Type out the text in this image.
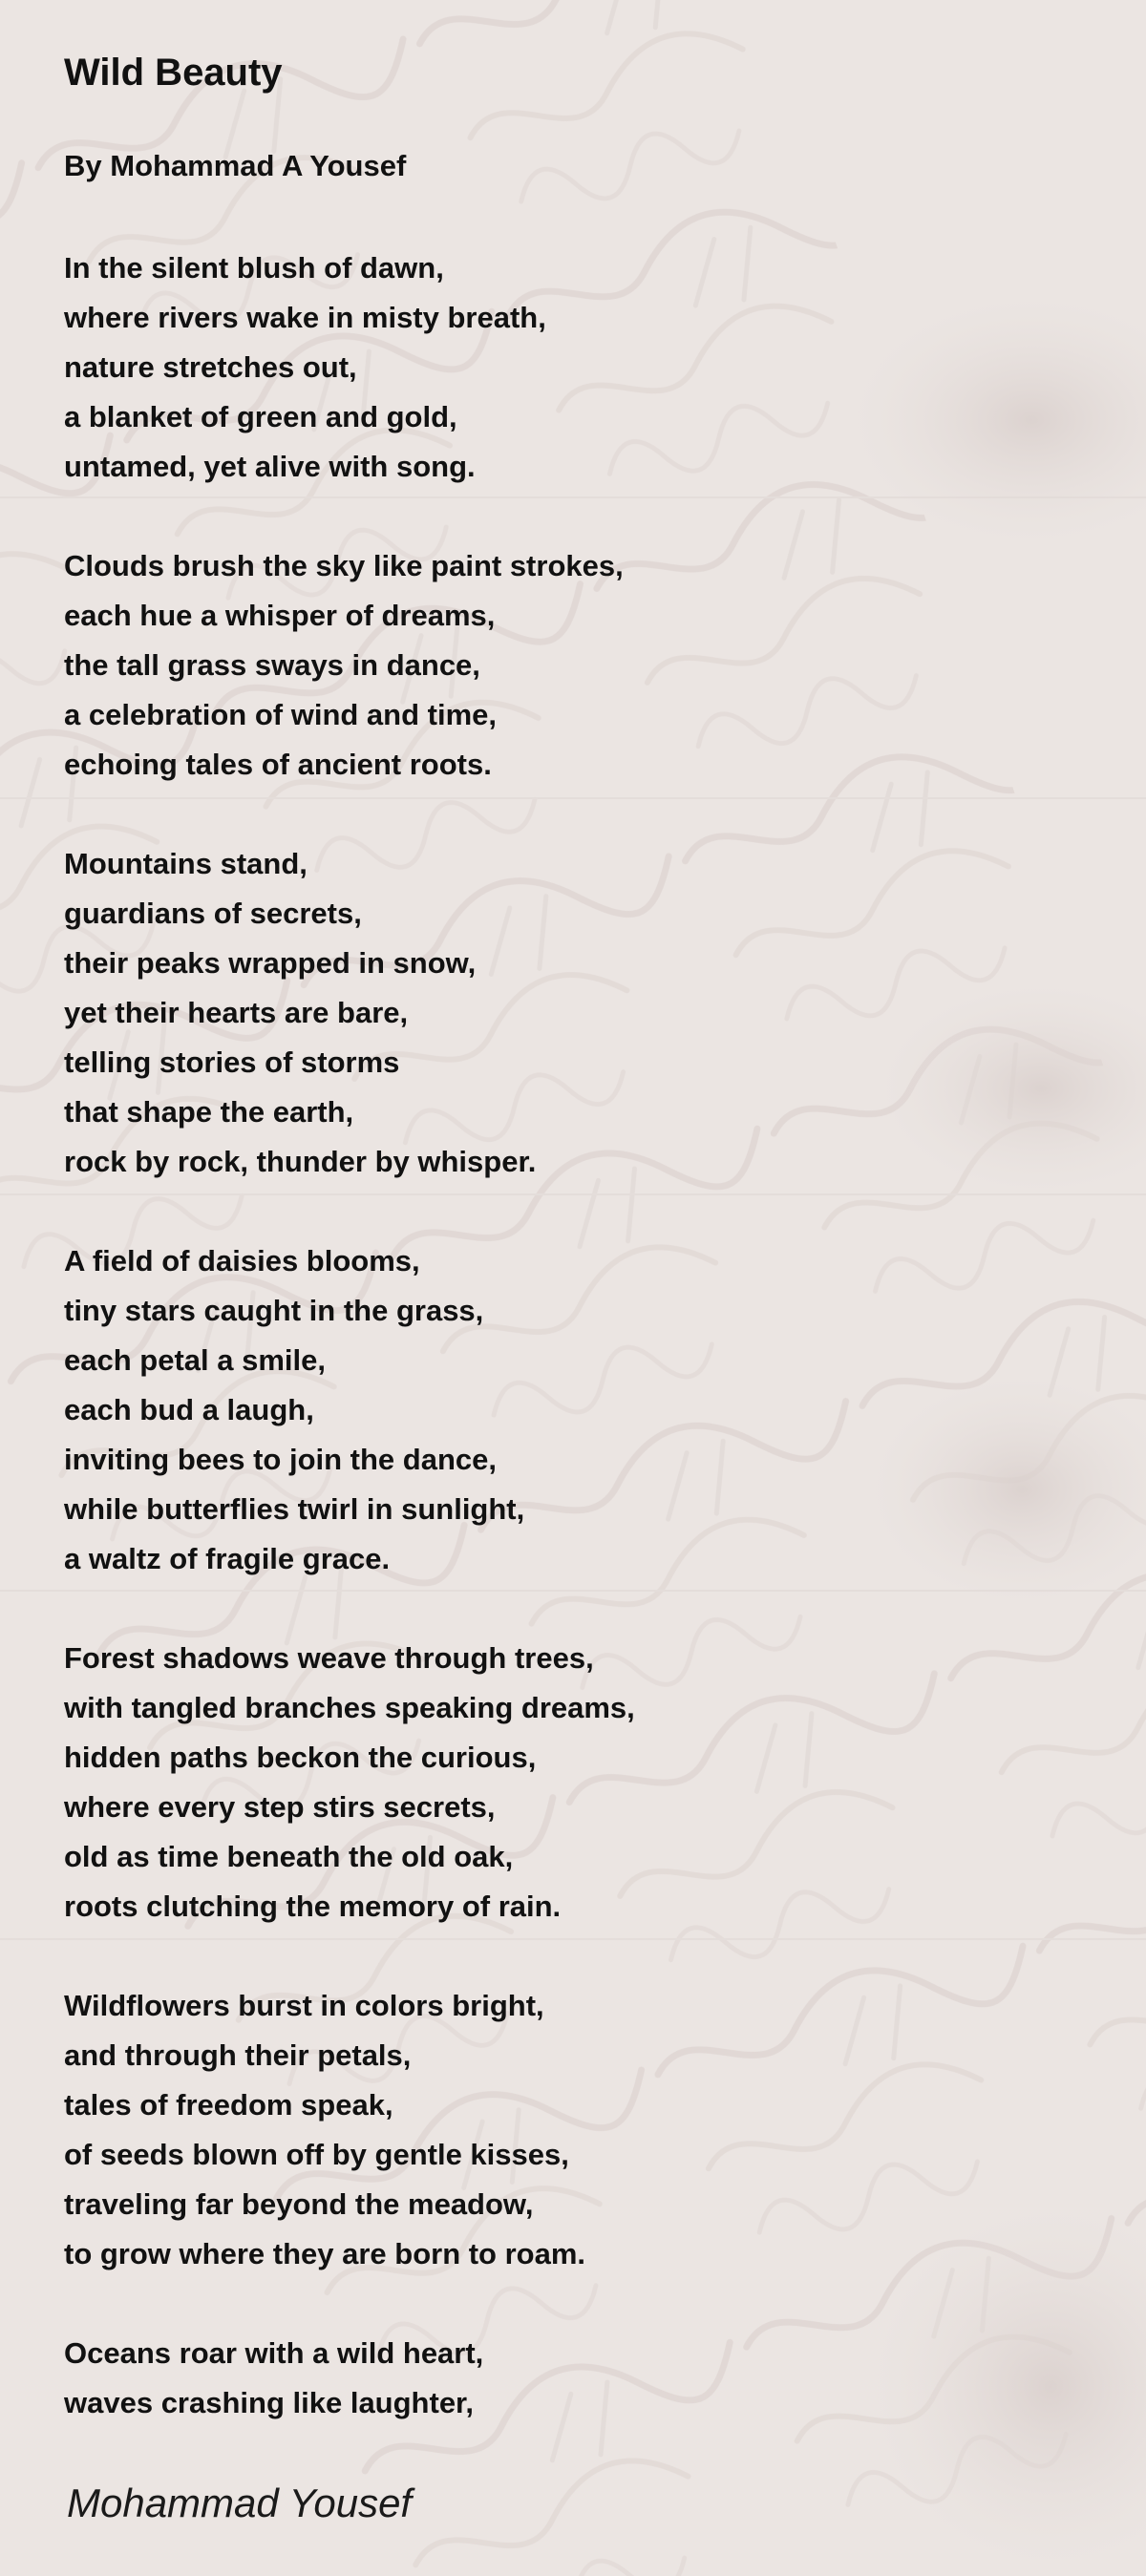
Wild Beauty

By Mohammad A Yousef

In the silent blush of dawn,
where rivers wake in misty breath,
nature stretches out,
a blanket of green and gold,
untamed, yet alive with song.
Clouds brush the sky like paint strokes,
each hue a whisper of dreams,
the tall grass sways in dance,
a celebration of wind and time,
echoing tales of ancient roots.
Mountains stand,
guardians of secrets,
their peaks wrapped in snow,
yet their hearts are bare,
telling stories of storms
that shape the earth,
rock by rock, thunder by whisper.
A field of daisies blooms,
tiny stars caught in the grass,
each petal a smile,
each bud a laugh,
inviting bees to join the dance,
while butterflies twirl in sunlight,
a waltz of fragile grace.
Forest shadows weave through trees,
with tangled branches speaking dreams,
hidden paths beckon the curious,
where every step stirs secrets,
old as time beneath the old oak,
roots clutching the memory of rain.
Wildflowers burst in colors bright,
and through their petals,
tales of freedom speak,
of seeds blown off by gentle kisses,
traveling far beyond the meadow,
to grow where they are born to roam.
Oceans roar with a wild heart,
waves crashing like laughter,

Mohammad Yousef
